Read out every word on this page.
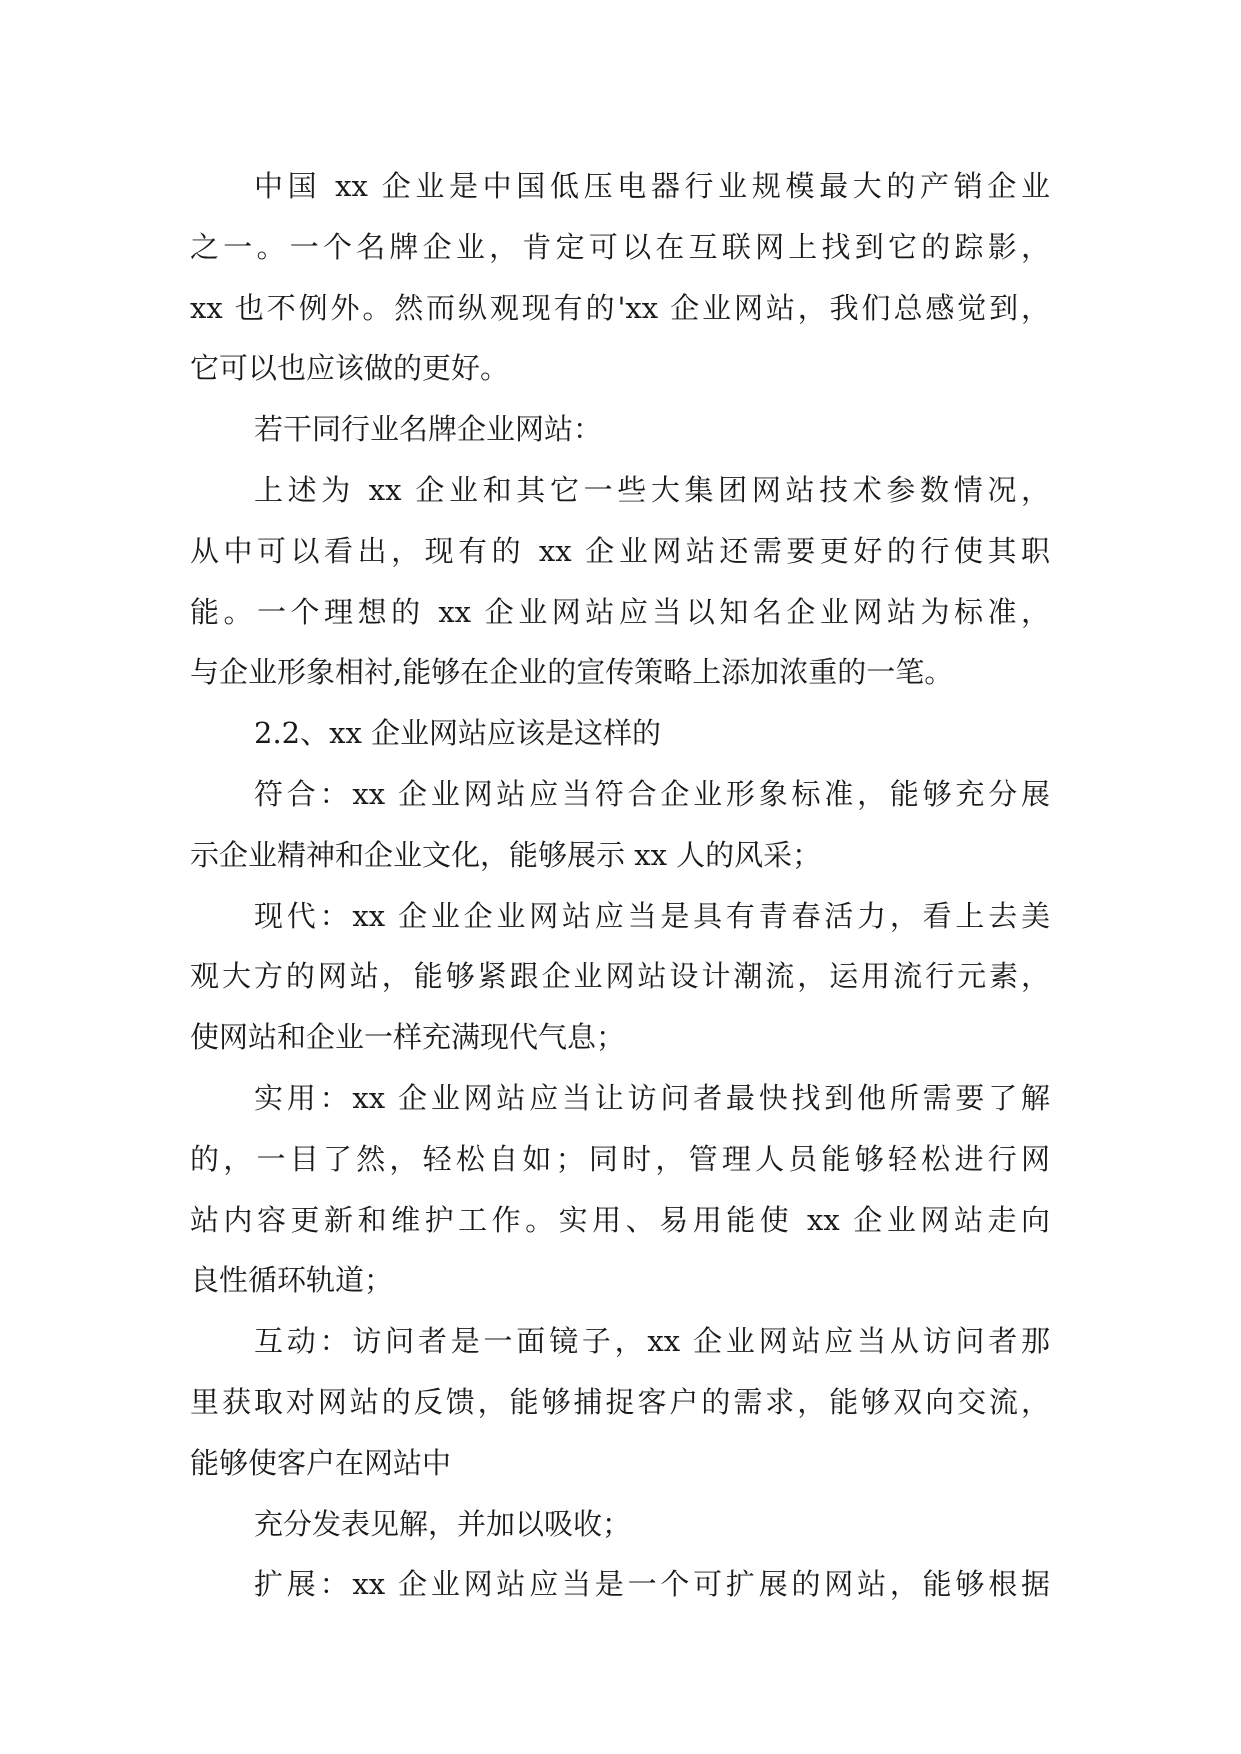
中国 xx 企业是中国低压电器行业规模最大的产销企业
之一。一个名牌企业，肯定可以在互联网上找到它的踪影，
xx 也不例外。然而纵观现有的'xx 企业网站，我们总感觉到，
它可以也应该做的更好。
若干同行业名牌企业网站：
上述为 xx 企业和其它一些大集团网站技术参数情况，
从中可以看出，现有的 xx 企业网站还需要更好的行使其职
能。一个理想的 xx 企业网站应当以知名企业网站为标准，
与企业形象相衬,能够在企业的宣传策略上添加浓重的一笔。
2.2、xx 企业网站应该是这样的
符合：xx 企业网站应当符合企业形象标准，能够充分展
示企业精神和企业文化，能够展示 xx 人的风采；
现代：xx 企业企业网站应当是具有青春活力，看上去美
观大方的网站，能够紧跟企业网站设计潮流，运用流行元素，
使网站和企业一样充满现代气息；
实用：xx 企业网站应当让访问者最快找到他所需要了解
的，一目了然，轻松自如；同时，管理人员能够轻松进行网
站内容更新和维护工作。实用、易用能使 xx 企业网站走向
良性循环轨道；
互动：访问者是一面镜子，xx 企业网站应当从访问者那
里获取对网站的反馈，能够捕捉客户的需求，能够双向交流，
能够使客户在网站中
充分发表见解，并加以吸收；
扩展：xx 企业网站应当是一个可扩展的网站，能够根据
